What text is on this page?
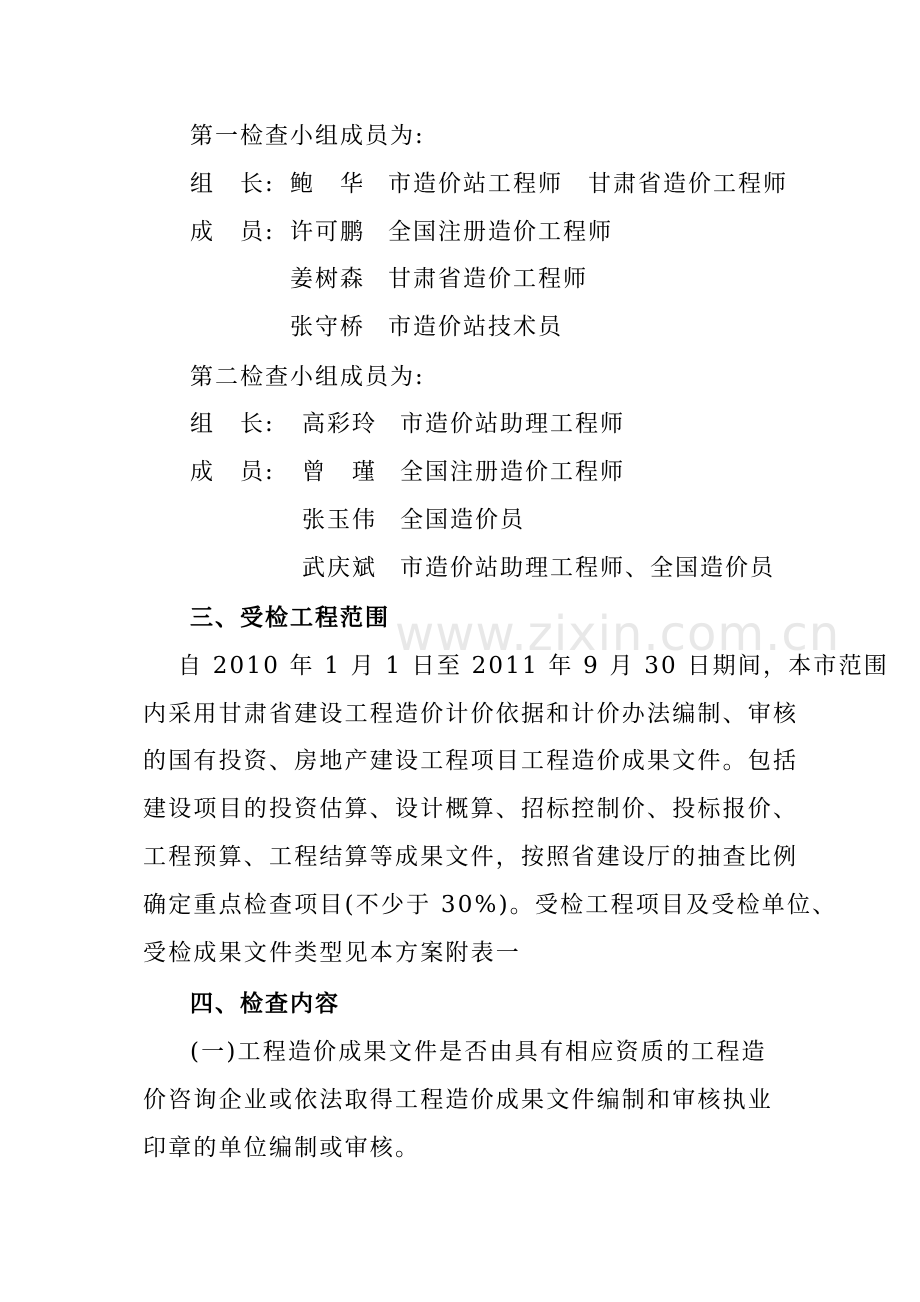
www.zixin.com.cn
第一检查小组成员为:
组　长: 鲍　华 市造价站工程师 甘肃省造价工程师
成　员: 许可鹏 全国注册造价工程师
姜树森 甘肃省造价工程师
张守桥 市造价站技术员
第二检查小组成员为:
组　长: 高彩玲 市造价站助理工程师
成　员: 曾　瑾 全国注册造价工程师
张玉伟 全国造价员
武庆斌 市造价站助理工程师、全国造价员
三、受检工程范围
自 2010 年 1 月 1 日至 2011 年 9 月 30 日期间，本市范围
内采用甘肃省建设工程造价计价依据和计价办法编制、审核
的国有投资、房地产建设工程项目工程造价成果文件。包括
建设项目的投资估算、设计概算、招标控制价、投标报价、
工程预算、工程结算等成果文件，按照省建设厅的抽查比例
确定重点检查项目(不少于 30%)。受检工程项目及受检单位、
受检成果文件类型见本方案附表一
四、检查内容
(一)工程造价成果文件是否由具有相应资质的工程造
价咨询企业或依法取得工程造价成果文件编制和审核执业
印章的单位编制或审核。
